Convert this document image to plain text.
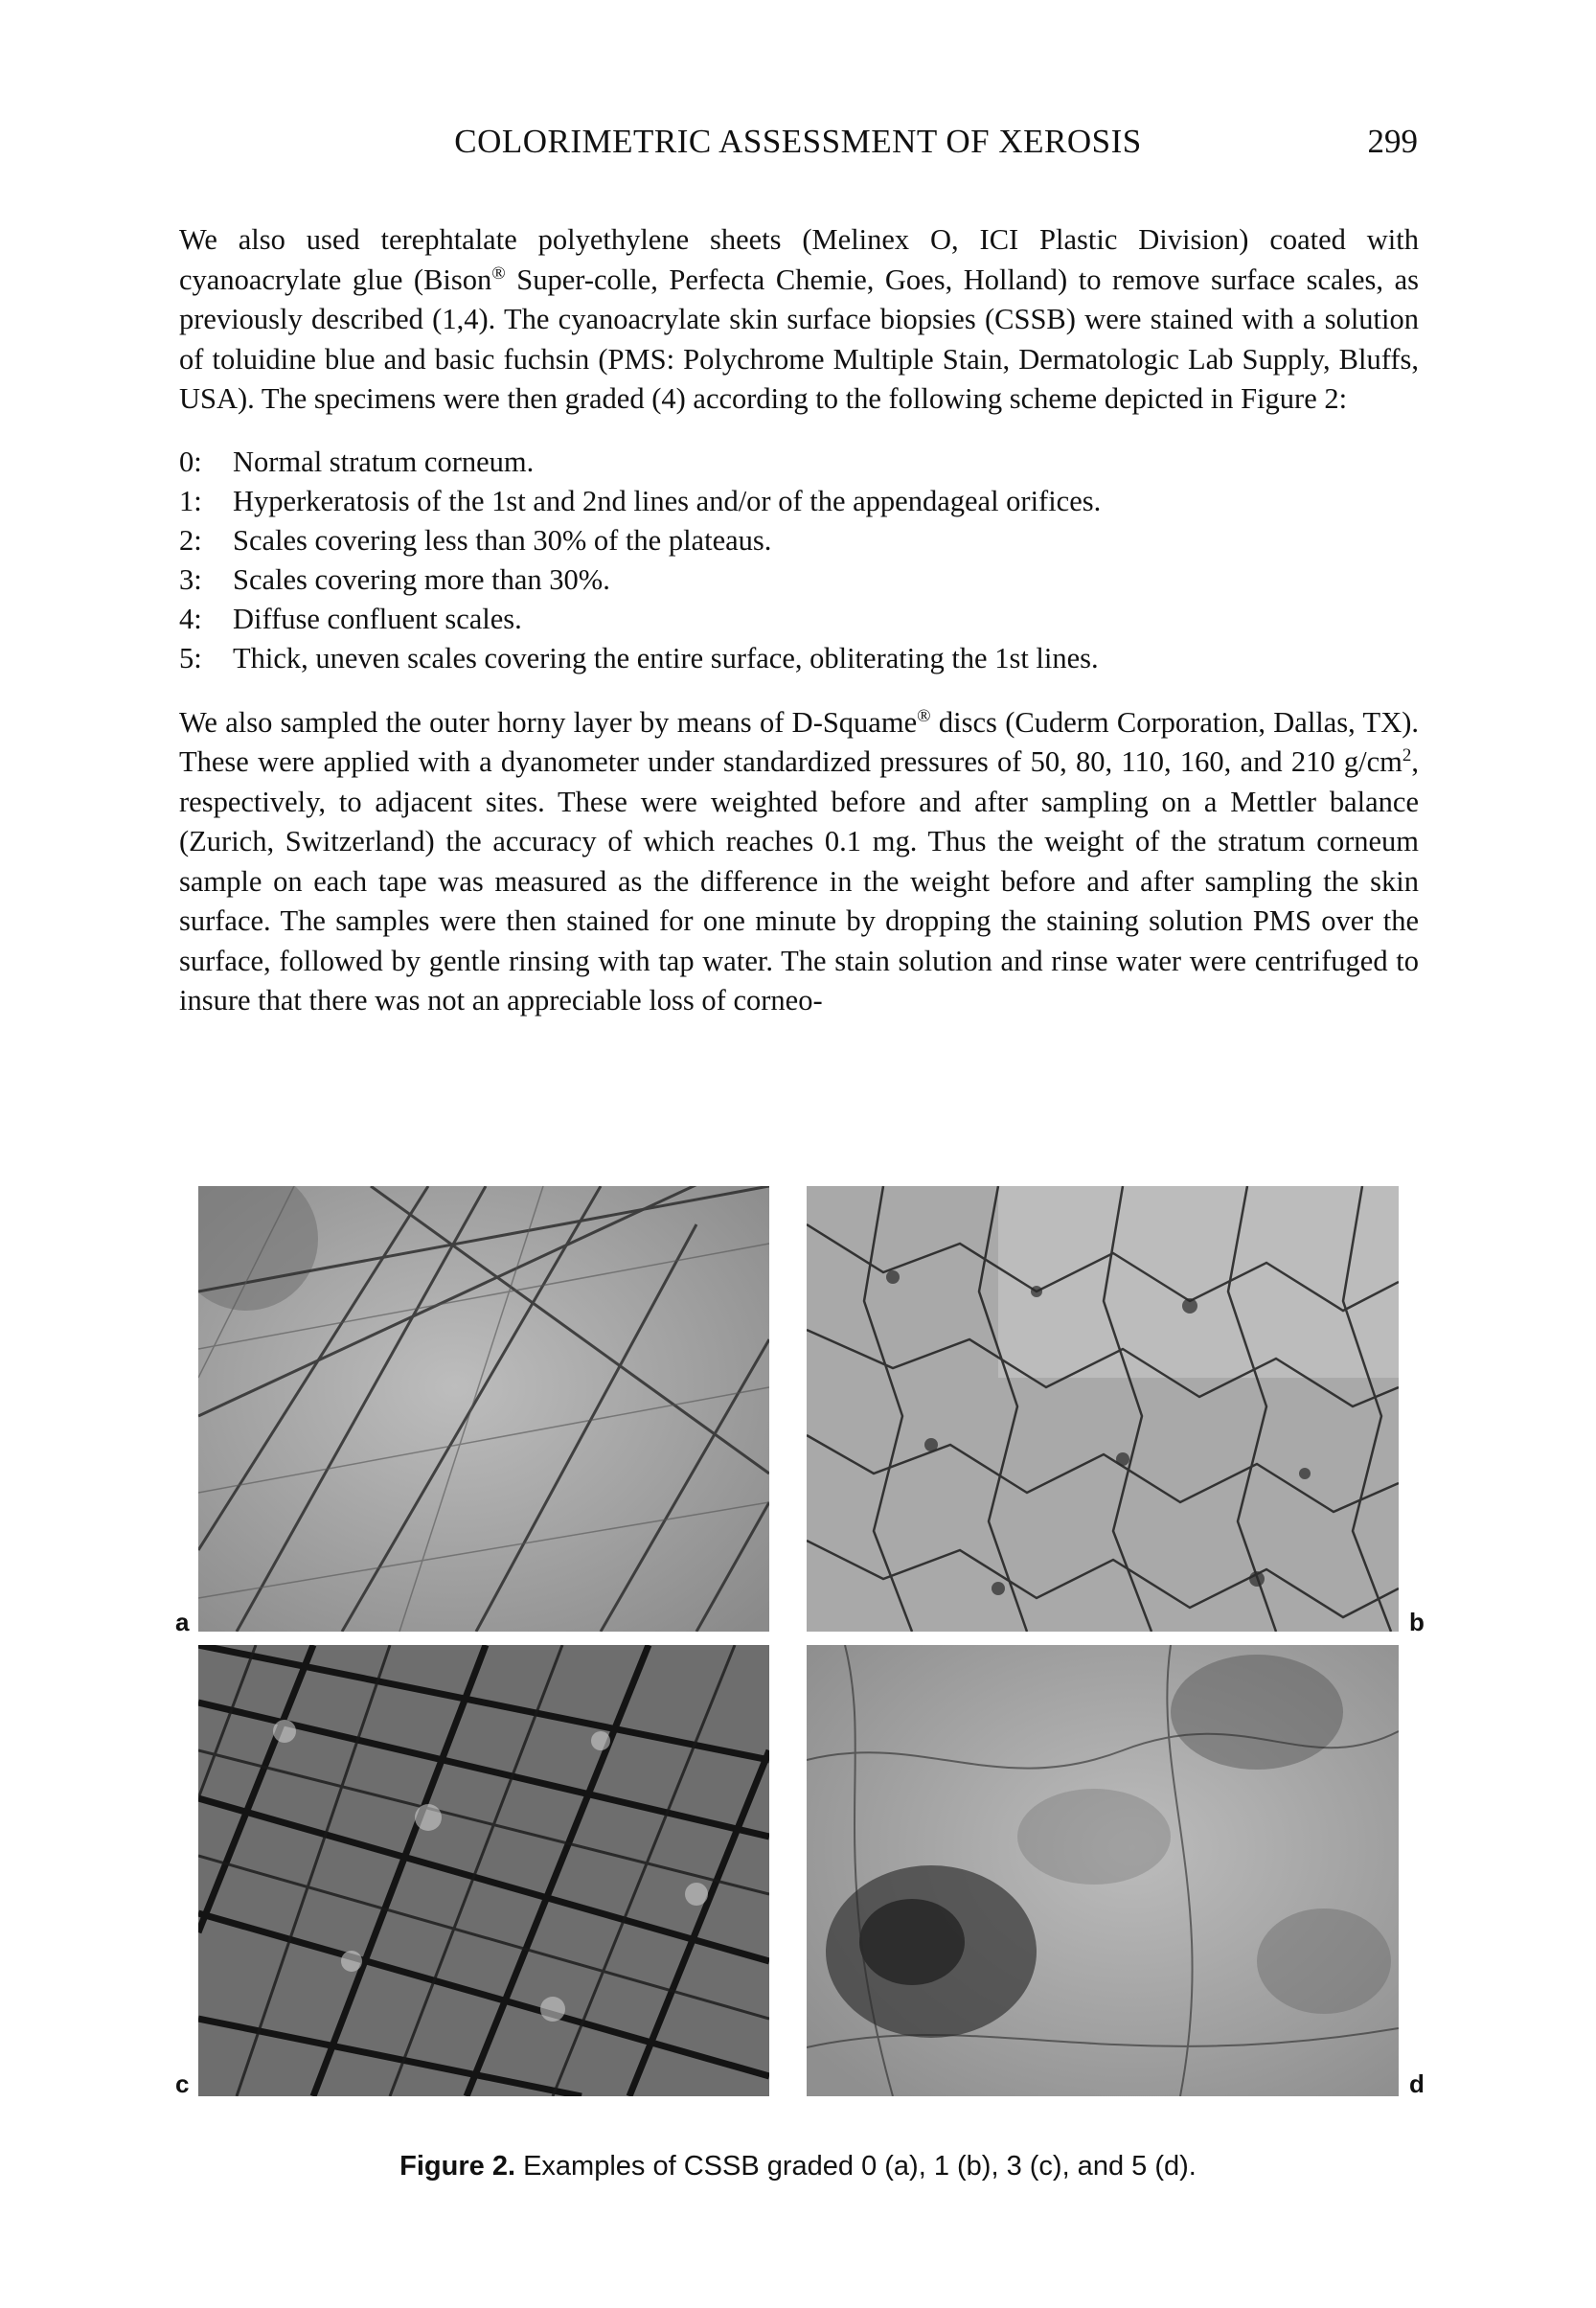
COLORIMETRIC ASSESSMENT OF XEROSIS	299

We also used terephtalate polyethylene sheets (Melinex O, ICI Plastic Division) coated with cyanoacrylate glue (Bison® Super-colle, Perfecta Chemie, Goes, Holland) to remove surface scales, as previously described (1,4). The cyanoacrylate skin surface biopsies (CSSB) were stained with a solution of toluidine blue and basic fuchsin (PMS: Polychrome Multiple Stain, Dermatologic Lab Supply, Bluffs, USA). The specimens were then graded (4) according to the following scheme depicted in Figure 2:

0:	Normal stratum corneum.
1:	Hyperkeratosis of the 1st and 2nd lines and/or of the appendageal orifices.
2:	Scales covering less than 30% of the plateaus.
3:	Scales covering more than 30%.
4:	Diffuse confluent scales.
5:	Thick, uneven scales covering the entire surface, obliterating the 1st lines.

We also sampled the outer horny layer by means of D-Squame® discs (Cuderm Corporation, Dallas, TX). These were applied with a dyanometer under standardized pressures of 50, 80, 110, 160, and 210 $g/cm^2$, respectively, to adjacent sites. These were weighted before and after sampling on a Mettler balance (Zurich, Switzerland) the accuracy of which reaches 0.1 mg. Thus the weight of the stratum corneum sample on each tape was measured as the difference in the weight before and after sampling the skin surface. The samples were then stained for one minute by dropping the staining solution PMS over the surface, followed by gentle rinsing with tap water. The stain solution and rinse water were centrifuged to insure that there was not an appreciable loss of corneo-

a	b
c	d
Figure 2. Examples of CSSB graded 0 (a), 1 (b), 3 (c), and 5 (d).
